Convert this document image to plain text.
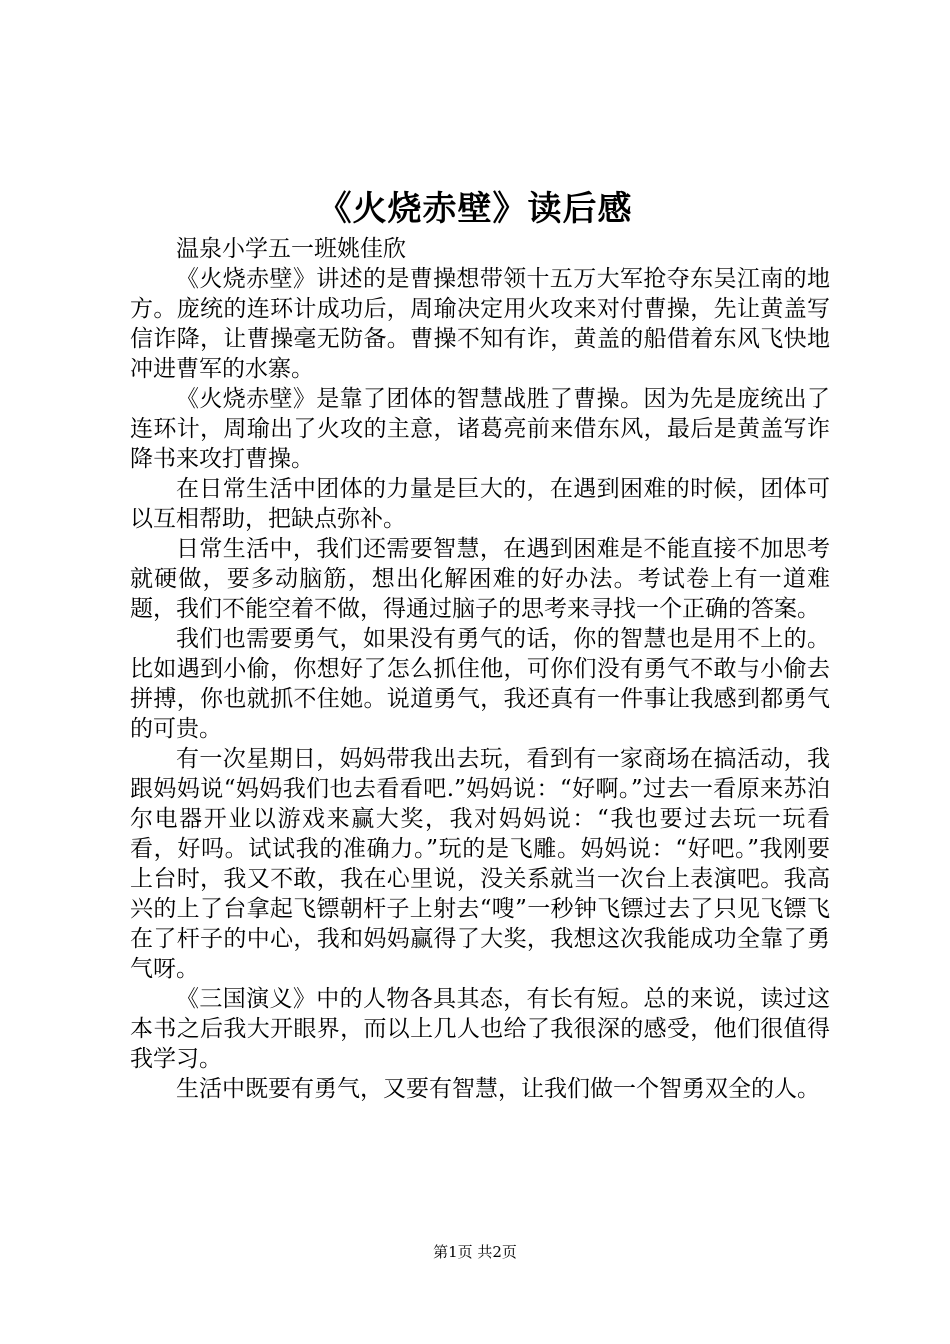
《火烧赤壁》读后感

温泉小学五一班姚佳欣

《火烧赤壁》讲述的是曹操想带领十五万大军抢夺东吴江南的地方。庞统的连环计成功后，周瑜决定用火攻来对付曹操，先让黄盖写信诈降，让曹操毫无防备。曹操不知有诈，黄盖的船借着东风飞快地冲进曹军的水寨。

《火烧赤壁》是靠了团体的智慧战胜了曹操。因为先是庞统出了连环计，周瑜出了火攻的主意，诸葛亮前来借东风，最后是黄盖写诈降书来攻打曹操。

在日常生活中团体的力量是巨大的，在遇到困难的时候，团体可以互相帮助，把缺点弥补。

日常生活中，我们还需要智慧，在遇到困难是不能直接不加思考就硬做，要多动脑筋，想出化解困难的好办法。考试卷上有一道难题，我们不能空着不做，得通过脑子的思考来寻找一个正确的答案。

我们也需要勇气，如果没有勇气的话，你的智慧也是用不上的。比如遇到小偷，你想好了怎么抓住他，可你们没有勇气不敢与小偷去拼搏，你也就抓不住她。说道勇气，我还真有一件事让我感到都勇气的可贵。

有一次星期日，妈妈带我出去玩，看到有一家商场在搞活动，我跟妈妈说“妈妈我们也去看看吧.”妈妈说：“好啊。”过去一看原来苏泊尔电器开业以游戏来赢大奖，我对妈妈说：“我也要过去玩一玩看看，好吗。试试我的准确力。”玩的是飞雕。妈妈说：“好吧。”我刚要上台时，我又不敢，我在心里说，没关系就当一次台上表演吧。我高兴的上了台拿起飞镖朝杆子上射去“嗖”一秒钟飞镖过去了只见飞镖飞在了杆子的中心，我和妈妈赢得了大奖，我想这次我能成功全靠了勇气呀。

《三国演义》中的人物各具其态，有长有短。总的来说，读过这本书之后我大开眼界，而以上几人也给了我很深的感受，他们很值得我学习。

生活中既要有勇气，又要有智慧，让我们做一个智勇双全的人。

第1页 共2页
